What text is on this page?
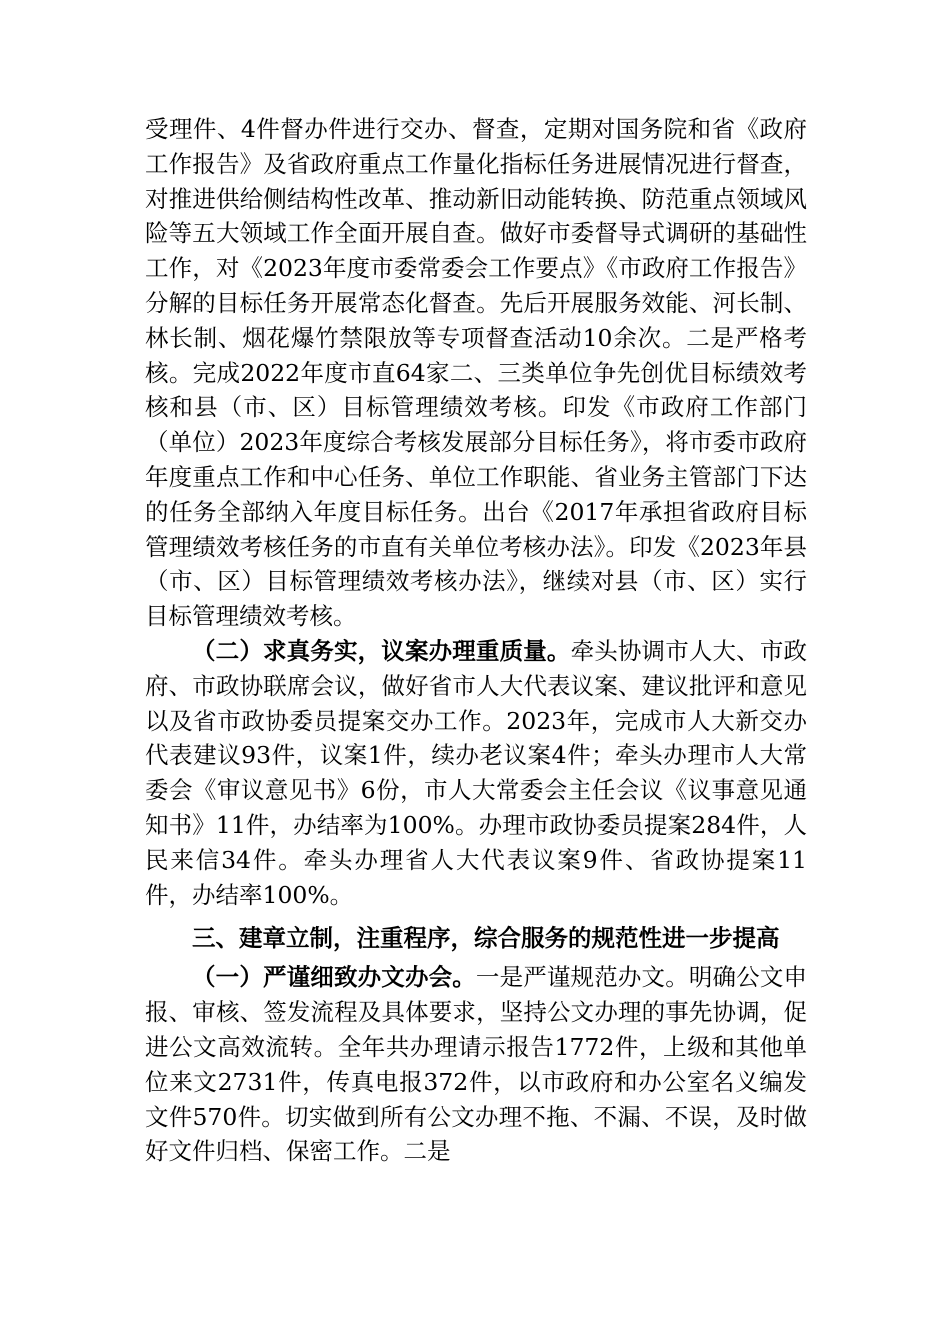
受理件、4件督办件进行交办、督查，定期对国务院和省《政府工作报告》及省政府重点工作量化指标任务进展情况进行督查，对推进供给侧结构性改革、推动新旧动能转换、防范重点领域风险等五大领域工作全面开展自查。做好市委督导式调研的基础性工作，对《2023年度市委常委会工作要点》《市政府工作报告》分解的目标任务开展常态化督查。先后开展服务效能、河长制、林长制、烟花爆竹禁限放等专项督查活动10余次。二是严格考核。完成2022年度市直64家二、三类单位争先创优目标绩效考核和县（市、区）目标管理绩效考核。印发《市政府工作部门（单位）2023年度综合考核发展部分目标任务》，将市委市政府年度重点工作和中心任务、单位工作职能、省业务主管部门下达的任务全部纳入年度目标任务。出台《2017年承担省政府目标管理绩效考核任务的市直有关单位考核办法》。印发《2023年县（市、区）目标管理绩效考核办法》，继续对县（市、区）实行目标管理绩效考核。

（二）求真务实，议案办理重质量。牵头协调市人大、市政府、市政协联席会议，做好省市人大代表议案、建议批评和意见以及省市政协委员提案交办工作。2023年，完成市人大新交办代表建议93件，议案1件，续办老议案4件；牵头办理市人大常委会《审议意见书》6份，市人大常委会主任会议《议事意见通知书》11件，办结率为100%。办理市政协委员提案284件，人民来信34件。牵头办理省人大代表议案9件、省政协提案11件，办结率100%。

三、建章立制，注重程序，综合服务的规范性进一步提高

（一）严谨细致办文办会。一是严谨规范办文。明确公文申报、审核、签发流程及具体要求，坚持公文办理的事先协调，促进公文高效流转。全年共办理请示报告1772件，上级和其他单位来文2731件，传真电报372件，以市政府和办公室名义编发文件570件。切实做到所有公文办理不拖、不漏、不误，及时做好文件归档、保密工作。二是
